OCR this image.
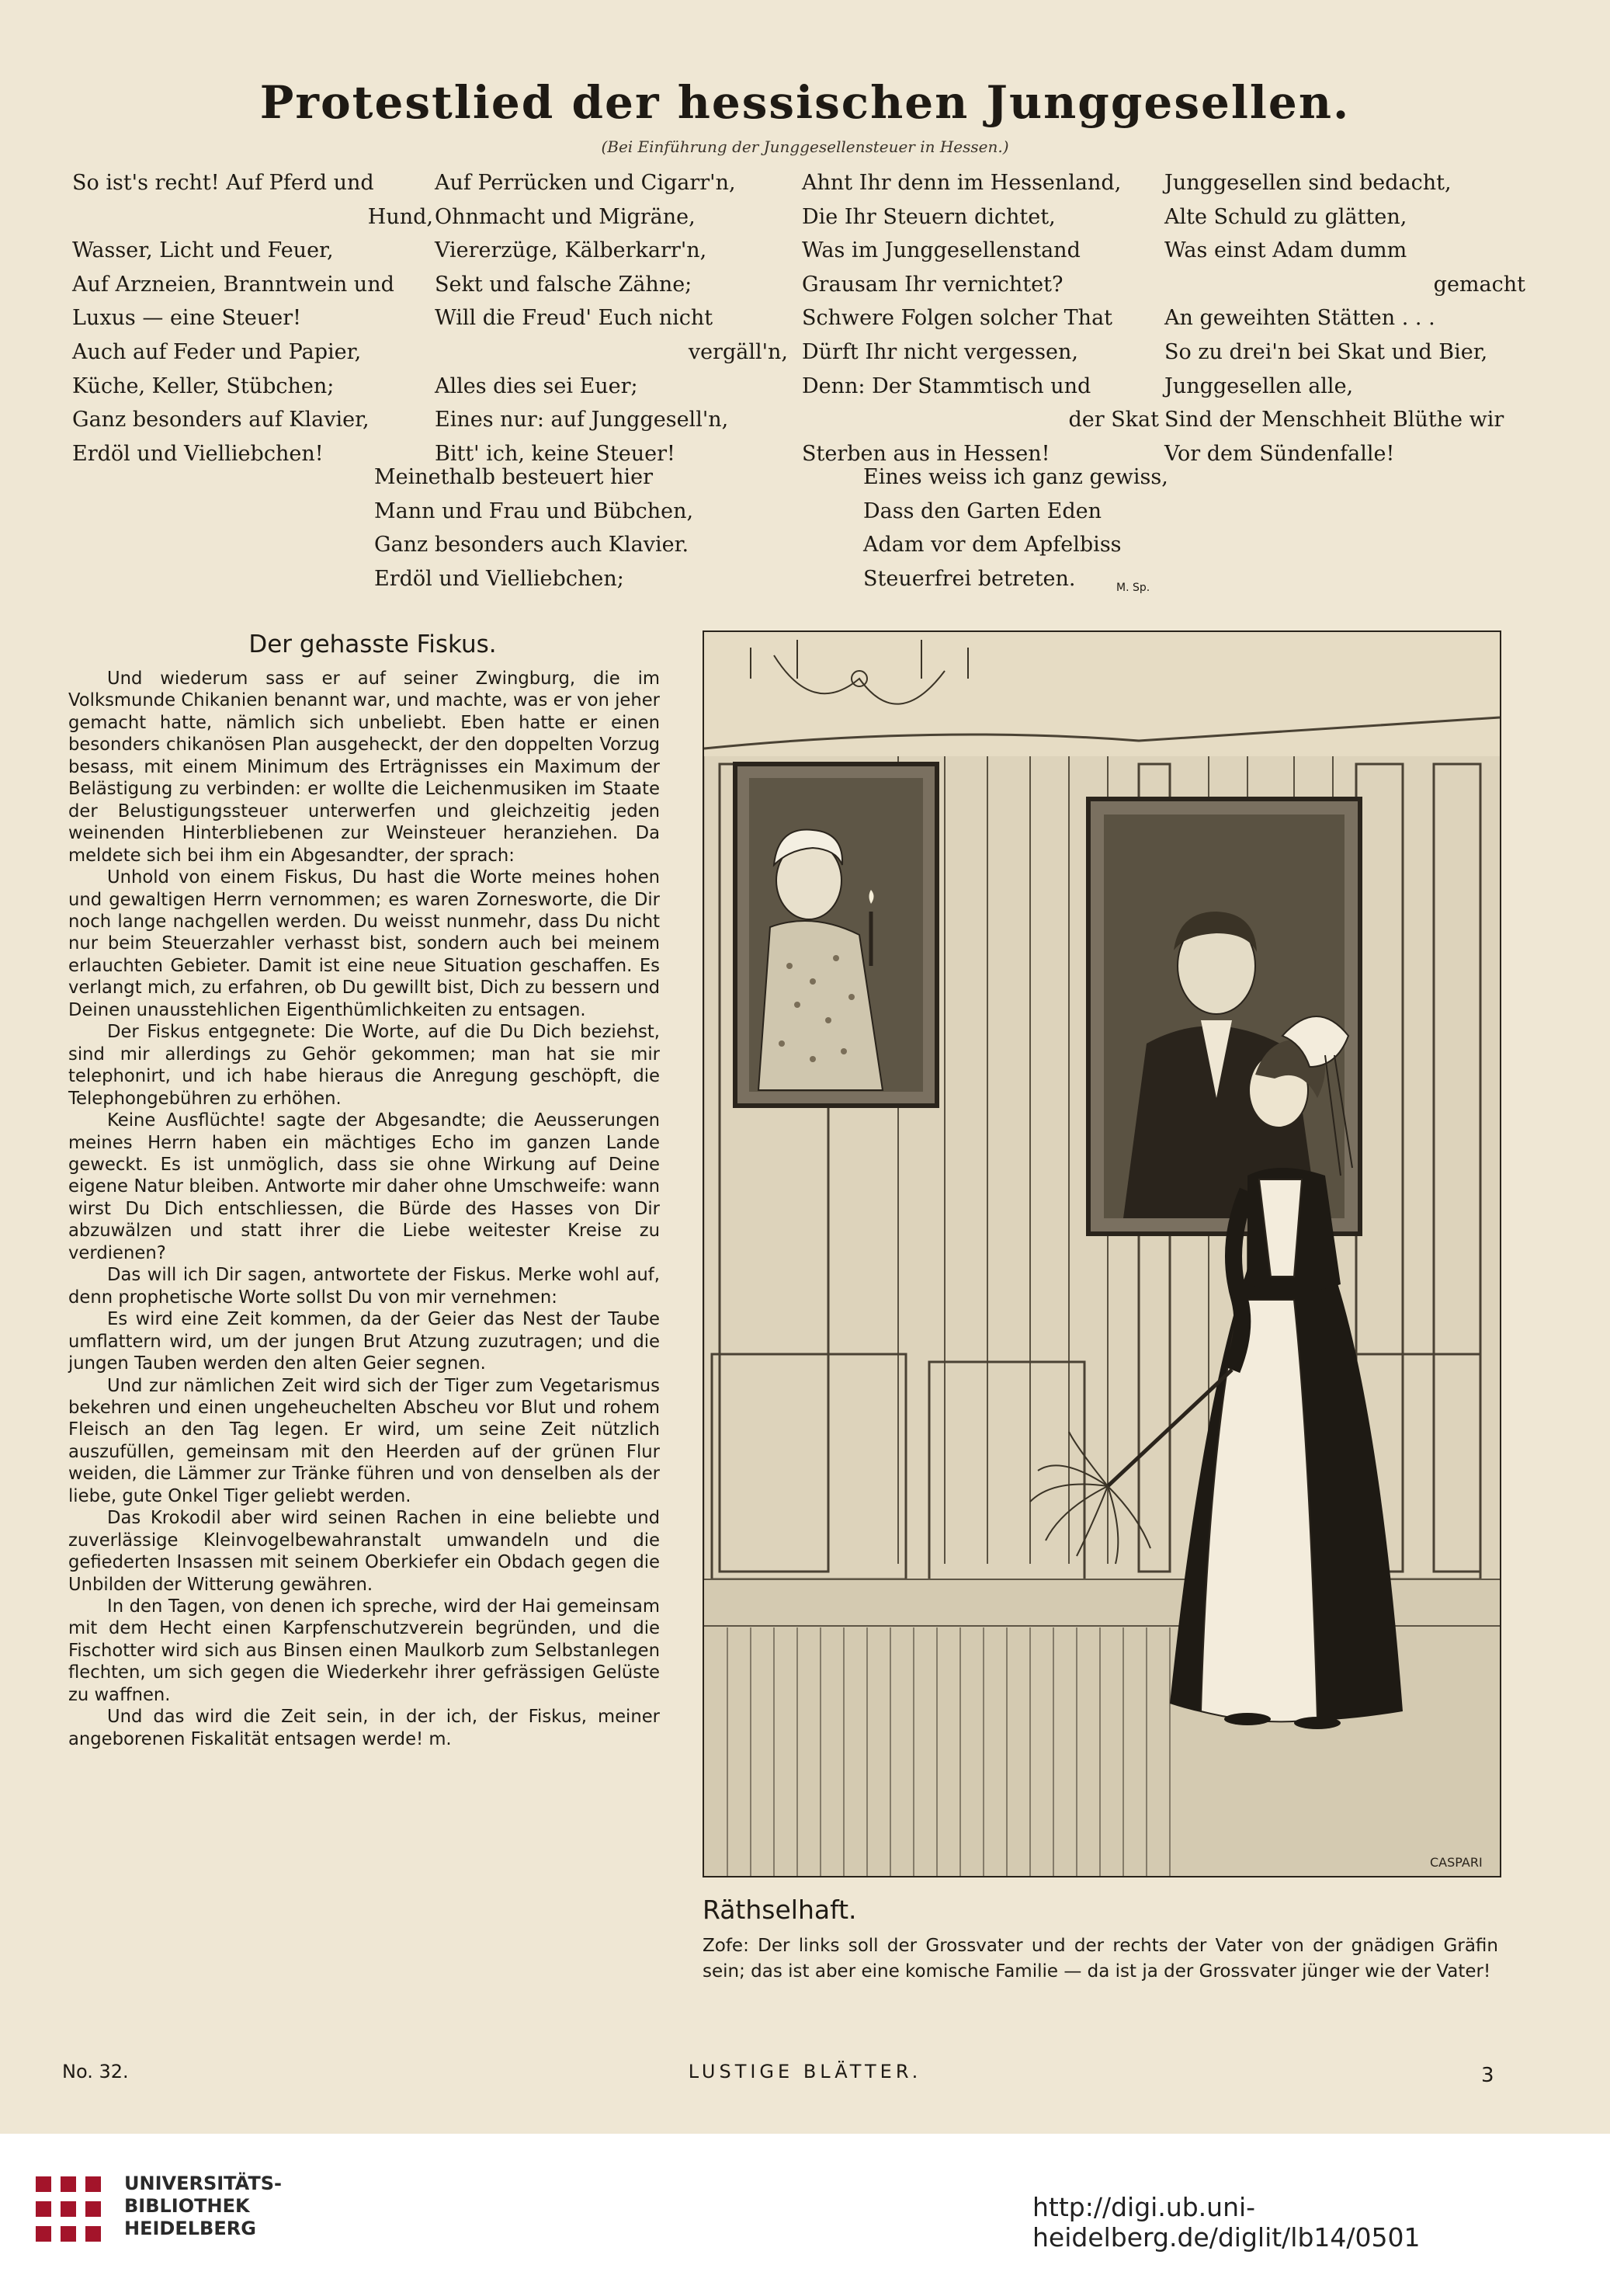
Protestlied der hessischen Junggesellen.
(Bei Einführung der Junggesellensteuer in Hessen.)
So ist's recht! Auf Pferd und
Hund,
Wasser, Licht und Feuer,
Auf Arzneien, Branntwein und
Luxus — eine Steuer!
Auch auf Feder und Papier,
Küche, Keller, Stübchen;
Ganz besonders auf Klavier,
Erdöl und Vielliebchen!
Auf Perrücken und Cigarr'n,
Ohnmacht und Migräne,
Viererzüge, Kälberkarr'n,
Sekt und falsche Zähne;
Will die Freud' Euch nicht
vergäll'n,
Alles dies sei Euer;
Eines nur: auf Junggesell'n,
Bitt' ich, keine Steuer!
Ahnt Ihr denn im Hessenland,
Die Ihr Steuern dichtet,
Was im Junggesellenstand
Grausam Ihr vernichtet?
Schwere Folgen solcher That
Dürft Ihr nicht vergessen,
Denn: Der Stammtisch und
der Skat
Sterben aus in Hessen!
Junggesellen sind bedacht,
Alte Schuld zu glätten,
Was einst Adam dumm
gemacht
An geweihten Stätten . . .
So zu drei'n bei Skat und Bier,
Junggesellen alle,
Sind der Menschheit Blüthe wir
Vor dem Sündenfalle!
Meinethalb besteuert hier
Mann und Frau und Bübchen,
Ganz besonders auch Klavier.
Erdöl und Vielliebchen;
Eines weiss ich ganz gewiss,
Dass den Garten Eden
Adam vor dem Apfelbiss
Steuerfrei betreten.	M. Sp.
Der gehasste Fiskus.

Und wiederum sass er auf seiner Zwingburg, die im Volksmunde Chikanien benannt war, und machte, was er von jeher gemacht hatte, nämlich sich unbeliebt. Eben hatte er einen besonders chikanösen Plan ausgeheckt, der den doppelten Vorzug besass, mit einem Minimum des Erträgnisses ein Maximum der Belästigung zu verbinden: er wollte die Leichenmusiken im Staate der Belustigungssteuer unterwerfen und gleichzeitig jeden weinenden Hinterbliebenen zur Weinsteuer heranziehen. Da meldete sich bei ihm ein Abgesandter, der sprach:

Unhold von einem Fiskus, Du hast die Worte meines hohen und gewaltigen Herrn vernommen; es waren Zornesworte, die Dir noch lange nachgellen werden. Du weisst nunmehr, dass Du nicht nur beim Steuerzahler verhasst bist, sondern auch bei meinem erlauchten Gebieter. Damit ist eine neue Situation geschaffen. Es verlangt mich, zu erfahren, ob Du gewillt bist, Dich zu bessern und Deinen unausstehlichen Eigenthümlichkeiten zu entsagen.

Der Fiskus entgegnete: Die Worte, auf die Du Dich beziehst, sind mir allerdings zu Gehör gekommen; man hat sie mir telephonirt, und ich habe hieraus die Anregung geschöpft, die Telephongebühren zu erhöhen.

Keine Ausflüchte! sagte der Abgesandte; die Aeusserungen meines Herrn haben ein mächtiges Echo im ganzen Lande geweckt. Es ist unmöglich, dass sie ohne Wirkung auf Deine eigene Natur bleiben. Antworte mir daher ohne Umschweife: wann wirst Du Dich entschliessen, die Bürde des Hasses von Dir abzuwälzen und statt ihrer die Liebe weitester Kreise zu verdienen?

Das will ich Dir sagen, antwortete der Fiskus. Merke wohl auf, denn prophetische Worte sollst Du von mir vernehmen:

Es wird eine Zeit kommen, da der Geier das Nest der Taube umflattern wird, um der jungen Brut Atzung zuzutragen; und die jungen Tauben werden den alten Geier segnen.

Und zur nämlichen Zeit wird sich der Tiger zum Vegetarismus bekehren und einen ungeheuchelten Abscheu vor Blut und rohem Fleisch an den Tag legen. Er wird, um seine Zeit nützlich auszufüllen, gemeinsam mit den Heerden auf der grünen Flur weiden, die Lämmer zur Tränke führen und von denselben als der liebe, gute Onkel Tiger geliebt werden.

Das Krokodil aber wird seinen Rachen in eine beliebte und zuverlässige Kleinvogelbewahranstalt umwandeln und die gefiederten Insassen mit seinem Oberkiefer ein Obdach gegen die Unbilden der Witterung gewähren.

In den Tagen, von denen ich spreche, wird der Hai gemeinsam mit dem Hecht einen Karpfenschutzverein begründen, und die Fischotter wird sich aus Binsen einen Maulkorb zum Selbstanlegen flechten, um sich gegen die Wiederkehr ihrer gefrässigen Gelüste zu waffnen.

Und das wird die Zeit sein, in der ich, der Fiskus, meiner angeborenen Fiskalität entsagen werde! m.

CASPARI
Räthselhaft.
Zofe: Der links soll der Grossvater und der rechts der Vater von der gnädigen Gräfin sein; das ist aber eine komische Familie — da ist ja der Grossvater jünger wie der Vater!
No. 32.	LUSTIGE BLÄTTER.	3
UNIVERSITÄTS-
BIBLIOTHEK
HEIDELBERG
http://digi.ub.uni-heidelberg.de/diglit/lb14/0501
